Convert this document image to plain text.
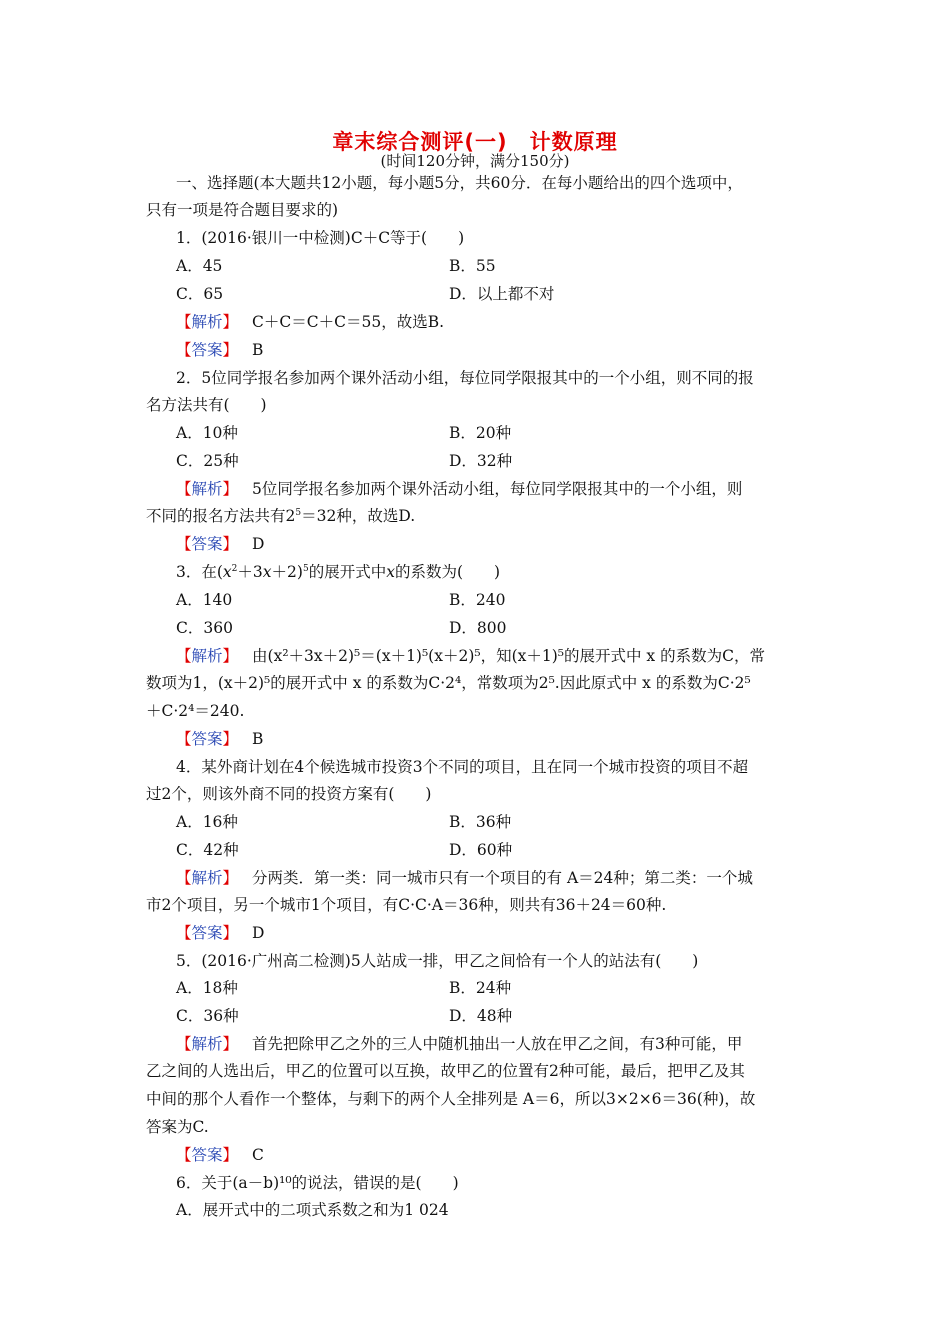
章末综合测评(一) 计数原理
(时间120分钟，满分150分)
一、选择题(本大题共12小题，每小题5分，共60分．在每小题给出的四个选项中，
只有一项是符合题目要求的)
1．(2016·银川一中检测)C＋C等于(　　)
A．45	B．55
C．65	D．以上都不对
【解析】 C＋C＝C＋C＝55，故选B.
【答案】 B
2．5位同学报名参加两个课外活动小组，每位同学限报其中的一个小组，则不同的报
名方法共有(　　)
A．10种	B．20种
C．25种	D．32种
【解析】 5位同学报名参加两个课外活动小组，每位同学限报其中的一个小组，则
不同的报名方法共有$2^5=32$种，故选D.
【答案】 D
3．在$(x^2+3x+2)^5$的展开式中x的系数为(　　)
A．140	B．240
C．360	D．800
【解析】 由(x²＋3x＋2)⁵＝(x＋1)⁵(x＋2)⁵，知(x＋1)⁵的展开式中 x 的系数为C，常
数项为1，(x＋2)⁵的展开式中 x 的系数为C·2⁴，常数项为2⁵.因此原式中 x 的系数为C·2⁵
＋C·2⁴＝240.
【答案】 B
4．某外商计划在4个候选城市投资3个不同的项目，且在同一个城市投资的项目不超
过2个，则该外商不同的投资方案有(　　)
A．16种	B．36种
C．42种	D．60种
【解析】 分两类．第一类：同一城市只有一个项目的有 A＝24种；第二类：一个城
市2个项目，另一个城市1个项目，有C·C·A＝36种，则共有36＋24＝60种.
【答案】 D
5．(2016·广州高二检测)5人站成一排，甲乙之间恰有一个人的站法有(　　)
A．18种	B．24种
C．36种	D．48种
【解析】 首先把除甲乙之外的三人中随机抽出一人放在甲乙之间，有3种可能，甲
乙之间的人选出后，甲乙的位置可以互换，故甲乙的位置有2种可能，最后，把甲乙及其
中间的那个人看作一个整体，与剩下的两个人全排列是 A＝6，所以3×2×6＝36(种)，故
答案为C.
【答案】 C
6．关于(a－b)¹⁰的说法，错误的是(　　)
A．展开式中的二项式系数之和为1 024
